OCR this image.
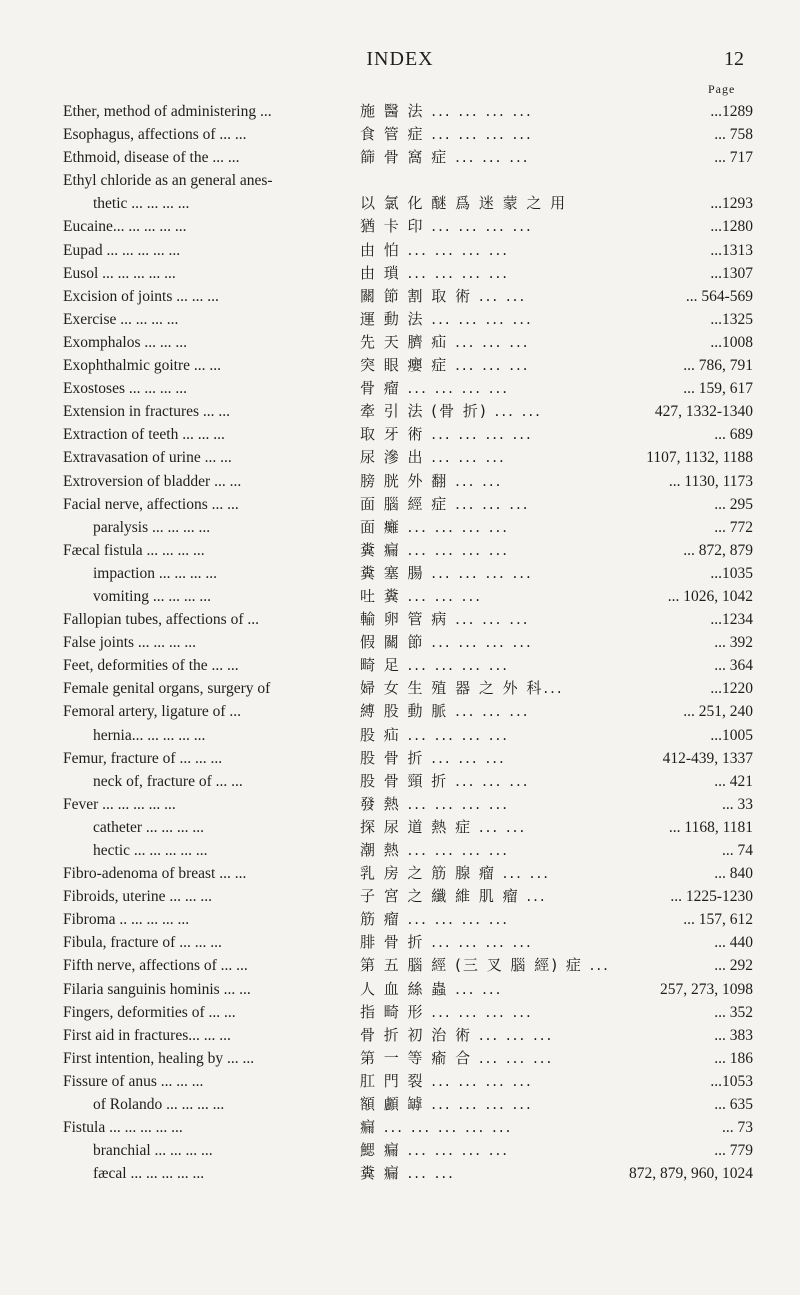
INDEX	12
Page
Ether, method of administering ...	施 醫 法 ... ... ... ...	...1289
Esophagus, affections of ... ...	食 管 症 ... ... ... ...	... 758
Ethmoid, disease of the ... ...	篩 骨 窩 症 ... ... ...	... 717
Ethyl chloride as an general anes-
thetic ... ... ... ...	以 氯 化 醚 爲 迷 蒙 之 用	...1293
Eucaine... ... ... ... ...	猶 卡 印 ... ... ... ...	...1280
Eupad ... ... ... ... ...	由 怕 ... ... ... ...	...1313
Eusol ... ... ... ... ...	由 瑣 ... ... ... ...	...1307
Excision of joints ... ... ...	關 節 割 取 術 ... ...	... 564-569
Exercise ... ... ... ...	運 動 法 ... ... ... ...	...1325
Exomphalos ... ... ...	先 天 臍 疝 ... ... ...	...1008
Exophthalmic goitre ... ...	突 眼 癭 症 ... ... ...	... 786, 791
Exostoses ... ... ... ...	骨 瘤 ... ... ... ...	... 159, 617
Extension in fractures ... ...	牽 引 法 (骨 折) ... ...	427, 1332-1340
Extraction of teeth ... ... ...	取 牙 術 ... ... ... ...	... 689
Extravasation of urine ... ...	尿 滲 出 ... ... ...	1107, 1132, 1188
Extroversion of bladder ... ...	膀 胱 外 翻 ... ...	... 1130, 1173
Facial nerve, affections ... ...	面 腦 經 症 ... ... ...	... 295
paralysis ... ... ... ...	面 癱 ... ... ... ...	... 772
Fæcal fistula ... ... ... ...	糞 瘺 ... ... ... ...	... 872, 879
impaction ... ... ... ...	糞 塞 腸 ... ... ... ...	...1035
vomiting ... ... ... ...	吐 糞 ... ... ...	... 1026, 1042
Fallopian tubes, affections of ...	輸 卵 管 病 ... ... ...	...1234
False joints ... ... ... ...	假 關 節 ... ... ... ...	... 392
Feet, deformities of the ... ...	畸 足 ... ... ... ...	... 364
Female genital organs, surgery of	婦 女 生 殖 器 之 外 科...	...1220
Femoral artery, ligature of ...	縛 股 動 脈 ... ... ...	... 251, 240
hernia... ... ... ... ...	股 疝 ... ... ... ...	...1005
Femur, fracture of ... ... ...	股 骨 折 ... ... ...	412-439, 1337
neck of, fracture of ... ...	股 骨 頸 折 ... ... ...	... 421
Fever ... ... ... ... ...	發 熱 ... ... ... ...	... 33
catheter ... ... ... ...	探 尿 道 熱 症 ... ...	... 1168, 1181
hectic ... ... ... ... ...	潮 熱 ... ... ... ...	... 74
Fibro-adenoma of breast ... ...	乳 房 之 筋 腺 瘤 ... ...	... 840
Fibroids, uterine ... ... ...	子 宮 之 纖 維 肌 瘤 ...	... 1225-1230
Fibroma .. ... ... ... ...	筋 瘤 ... ... ... ...	... 157, 612
Fibula, fracture of ... ... ...	腓 骨 折 ... ... ... ...	... 440
Fifth nerve, affections of ... ...	第 五 腦 經 (三 叉 腦 經) 症 ...	... 292
Filaria sanguinis hominis ... ...	人 血 絲 蟲 ... ...	257, 273, 1098
Fingers, deformities of ... ...	指 畸 形 ... ... ... ...	... 352
First aid in fractures... ... ...	骨 折 初 治 術 ... ... ...	... 383
First intention, healing by ... ...	第 一 等 瘉 合 ... ... ...	... 186
Fissure of anus ... ... ...	肛 門 裂 ... ... ... ...	...1053
of Rolando ... ... ... ...	額 顱 罅 ... ... ... ...	... 635
Fistula ... ... ... ... ...	瘺 ... ... ... ... ...	... 73
branchial ... ... ... ...	鰓 瘺 ... ... ... ...	... 779
fæcal ... ... ... ... ...	糞 瘺 ... ...	872, 879, 960, 1024
